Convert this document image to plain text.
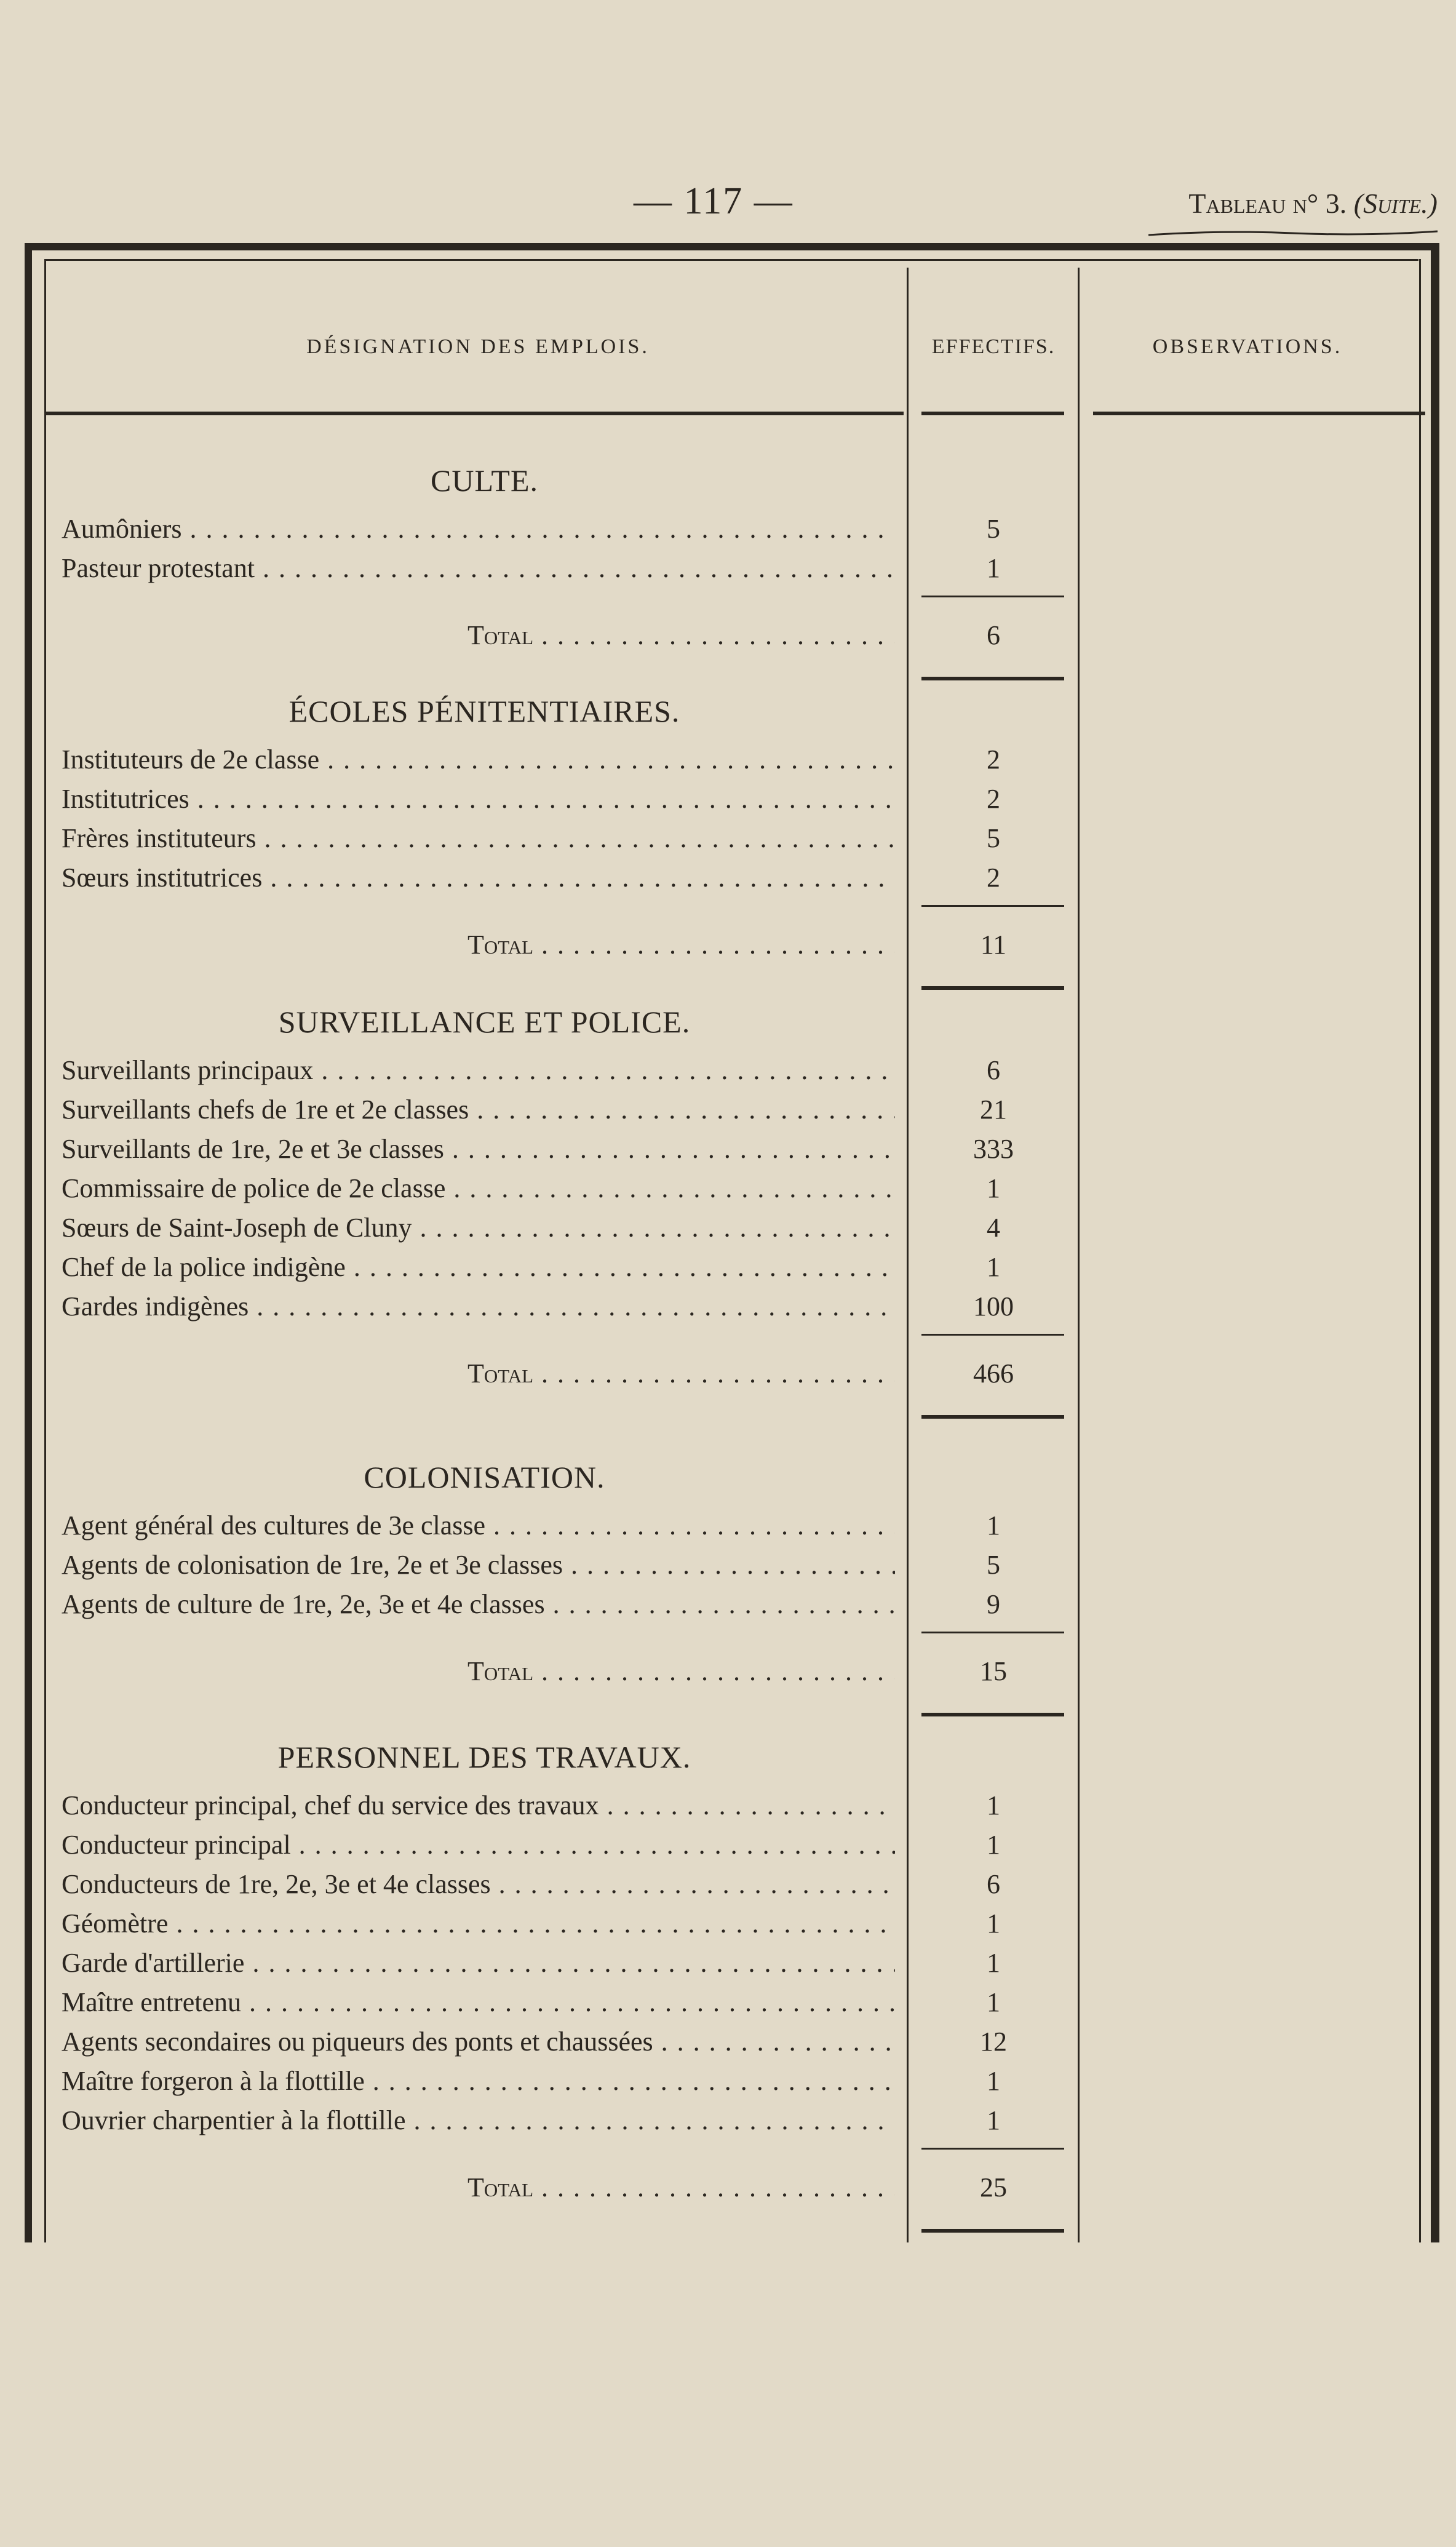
— 117 —	Tableau n° 3. (Suite.)
DÉSIGNATION DES EMPLOIS.	EFFECTIFS.	OBSERVATIONS.
CULTE.
Aumôniers . . .	5
Pasteur protestant . . .	1
Total . . .	6
ÉCOLES PÉNITENTIAIRES.
Instituteurs de 2e classe . . .	2
Institutrices . . .	2
Frères instituteurs . . .	5
Sœurs institutrices . . .	2
Total . . .	11
SURVEILLANCE ET POLICE.
Surveillants principaux . . .	6
Surveillants chefs de 1re et 2e classes . . .	21
Surveillants de 1re, 2e et 3e classes . . .	333
Commissaire de police de 2e classe . . .	1
Sœurs de Saint-Joseph de Cluny . . .	4
Chef de la police indigène . . .	1
Gardes indigènes . . .	100
Total . . .	466
COLONISATION.
Agent général des cultures de 3e classe . . .	1
Agents de colonisation de 1re, 2e et 3e classes . . .	5
Agents de culture de 1re, 2e, 3e et 4e classes . . .	9
Total . . .	15
PERSONNEL DES TRAVAUX.
Conducteur principal, chef du service des travaux . . .	1
Conducteur principal . . .	1
Conducteurs de 1re, 2e, 3e et 4e classes . . .	6
Géomètre . . .	1
Garde d'artillerie . . .	1
Maître entretenu . . .	1
Agents secondaires ou piqueurs des ponts et chaussées . . .	12
Maître forgeron à la flottille . . .	1
Ouvrier charpentier à la flottille . . .	1
Total . . .	25
